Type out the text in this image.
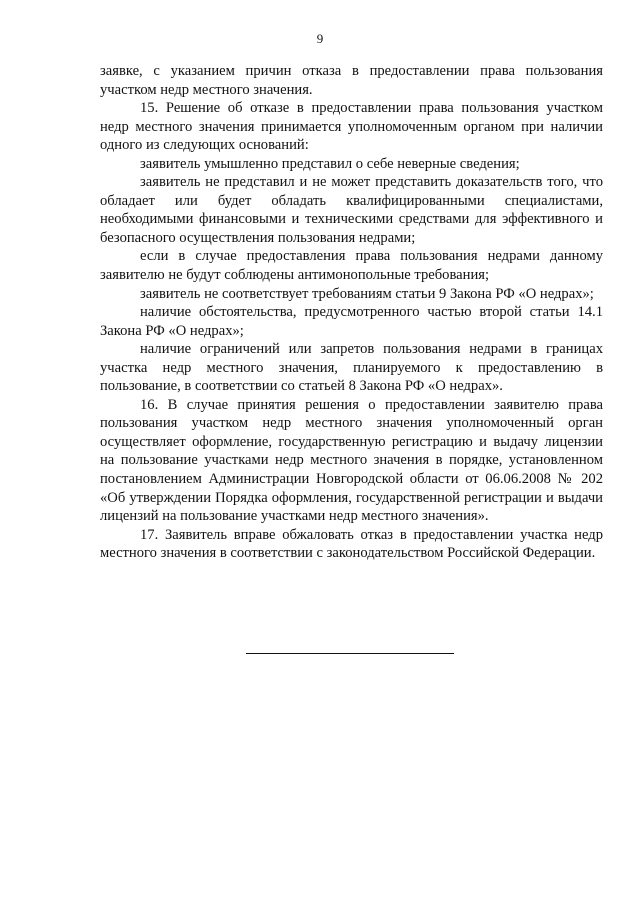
9

заявке, с указанием причин отказа в предоставлении права пользования участком недр местного значения.

15. Решение об отказе в предоставлении права пользования участком недр местного значения принимается уполномоченным органом при наличии одного из следующих оснований:

заявитель умышленно представил о себе неверные сведения;

заявитель не представил и не может представить доказательств того, что обладает или будет обладать квалифицированными специалистами, необходимыми финансовыми и техническими средствами для эффективного и безопасного осуществления пользования недрами;

если в случае предоставления права пользования недрами данному заявителю не будут соблюдены антимонопольные требования;

заявитель не соответствует требованиям статьи 9 Закона РФ «О недрах»;

наличие обстоятельства, предусмотренного частью второй статьи 14.1 Закона РФ «О недрах»;

наличие ограничений или запретов пользования недрами в границах участка недр местного значения, планируемого к предоставлению в пользование, в соответствии со статьей 8 Закона РФ «О недрах».

16. В случае принятия решения о предоставлении заявителю права пользования участком недр местного значения уполномоченный орган осуществляет оформление, государственную регистрацию и выдачу лицензии на пользование участками недр местного значения в порядке, установленном постановлением Администрации Новгородской области от 06.06.2008 № 202 «Об утверждении Порядка оформления, государственной регистрации и выдачи лицензий на пользование участками недр местного значения».

17. Заявитель вправе обжаловать отказ в предоставлении участка недр местного значения в соответствии с законодательством Российской Федерации.
